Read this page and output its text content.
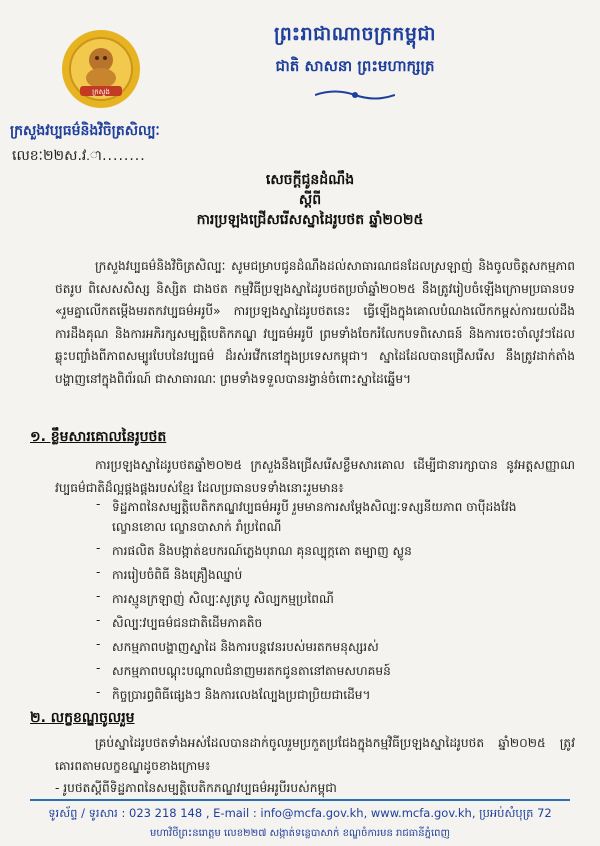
ក្រសួង
ព្រះរាជាណាចក្រកម្ពុជា
ជាតិ សាសនា ព្រះមហាក្សត្រ
ក្រសួងវប្បធម៌និងវិចិត្រសិល្បៈ
លេខៈ២២ស.វ.ា........
សេចក្តីជូនដំណឹង
ស្តីពី
ការប្រឡងជ្រើសរើសស្នាដៃរូបថត ឆ្នាំ២០២៥
ក្រសួងវប្បធម៌និងវិចិត្រសិល្បៈ សូមជម្រាបជូនដំណឹងដល់សាធារណជនដែលស្រឡាញ់ និងចូលចិត្តសកម្មភាពថតរូប ពិសេសសិស្ស និស្សិត ជាងថត កម្មវិធីប្រឡងស្នាដៃរូបថតប្រចាំឆ្នាំ២០២៥ នឹងត្រូវរៀបចំឡើងក្រោមប្រធានបទ «រួមគ្នាលើកតម្កើងមរតកវប្បធម៌អរូបី» ការប្រឡងស្នាដៃរូបថតនេះ ធ្វើឡើងក្នុងគោលបំណងលើកកម្ពស់ការយល់ដឹង ការដឹងគុណ និងការអភិរក្សសម្បត្តិបេតិកភណ្ឌ វប្បធម៌អរូបី ព្រមទាំងចែករំលែកបទពិសោធន៍ និងការចេះចាំលូវៗដែលឆ្លុះបញ្ចាំងពីភាពសម្បូរបែបនៃវប្បធម៌ ដ៏រស់រវើកនៅក្នុងប្រទេសកម្ពុជា។ ស្នាដៃដែលបានជ្រើសរើស នឹងត្រូវដាក់តាំងបង្ហាញនៅក្នុងពិព័រណ៍ ជាសាធារណៈ ព្រមទាំងទទួលបានរង្វាន់ចំពោះស្នាដៃឆ្នើម។
១. ខ្លឹមសារគោលនៃរូបថត
ការប្រឡងស្នាដៃរូបថតឆ្នាំ២០២៥ ក្រសួងនឹងជ្រើសរើសខ្លឹមសារគោល ដើម្បីជានារក្សាបាន នូវអត្តសញ្ញាណវប្បធម៌ជាតិដ៏ល្អផ្ដងផ្ដងរបស់ខ្មែរ ដែលប្រធានបទទាំងនោះរួមមាន៖
- ទិដ្ឋភាពនៃសម្បត្តិបេតិកភណ្ឌវប្បធម៌អរូបី រួមមានការសម្តែងសិល្បៈទស្សនីយភាព ចាប៉ីដងវែង ល្ខោនខោល ល្ខោនបាសាក់ រាំប្រពៃណី
- ការផលិត និងបង្កាត់ឧបករណ៍ភ្លេងបុរាណ គុនល្បុក្កតោ តម្បាញ ស្លូន
- ការរៀបចំពិធី និងគ្រឿងឈ្នាប់
- ការស្មូនក្រឡាញ់ សិល្បៈសូត្របូ សិល្បកម្មប្រពៃណី
- សិល្បៈវប្បធម៌ជនជាតិដើមភាគតិច
- សកម្មភាពបង្ហាញស្នាដៃ និងការបន្តវេនរបស់មរតកមនុស្សរស់
- សកម្មភាពបណ្តុះបណ្តាលជំនាញមរតកជូនតានៅតាមសហគមន៍
- កិច្ចប្រារព្ធពិធីផ្សេងៗ និងការលេងល្បែងប្រជាប្រិយជាដើម។
២. លក្ខខណ្ឌចូលរួម
គ្រប់ស្នាដៃរូបថតទាំងអស់ដែលបានដាក់ចូលរួមប្រកួតប្រជែងក្នុងកម្មវិធីប្រឡងស្នាដៃរូបថត ឆ្នាំ២០២៥ ត្រូវគោរពតាមលក្ខខណ្ឌដូចខាងក្រោម៖
- រូបថតស្តីពីទិដ្ឋភាពនៃសម្បត្តិបេតិកភណ្ឌវប្បធម៌អរូបីរបស់កម្ពុជា
ទូរស័ព្ទ / ទូរសារ : 023 218 148 , E-mail : info@mcfa.gov.kh, www.mcfa.gov.kh, ប្រអប់សំបុត្រ 72
មហាវិថីព្រះនរោត្តម លេខ២២៧ សង្កាត់ទន្លេបាសាក់ ខណ្ឌចំការមន រាជធានីភ្នំពេញ
